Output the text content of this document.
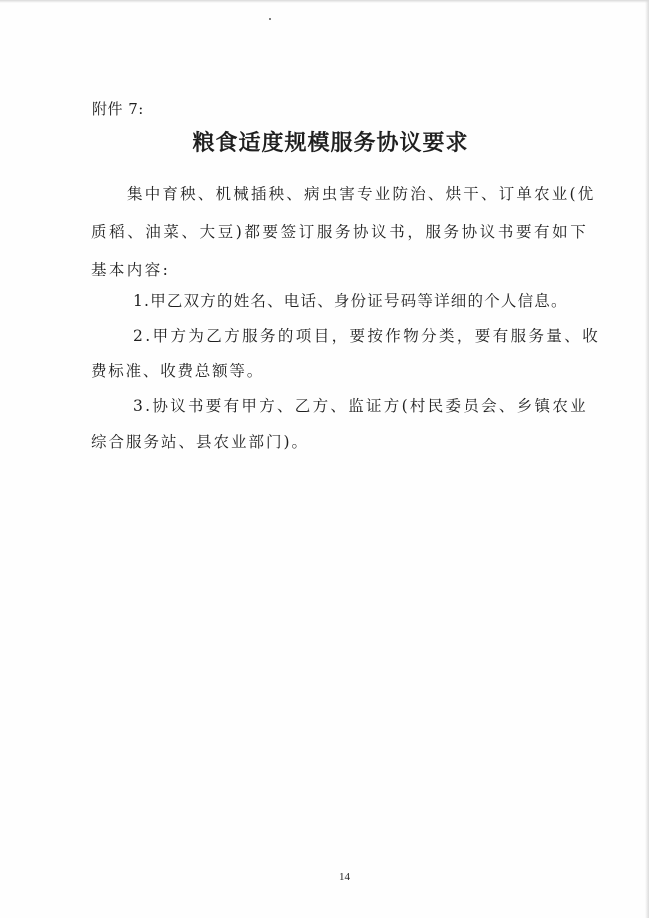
附件 7:
粮食适度规模服务协议要求
集中育秧、机械插秧、病虫害专业防治、烘干、订单农业(优
质稻、油菜、大豆)都要签订服务协议书，服务协议书要有如下
基本内容:
1.甲乙双方的姓名、电话、身份证号码等详细的个人信息。
2.甲方为乙方服务的项目，要按作物分类，要有服务量、收
费标准、收费总额等。
3.协议书要有甲方、乙方、监证方(村民委员会、乡镇农业
综合服务站、县农业部门)。
14
